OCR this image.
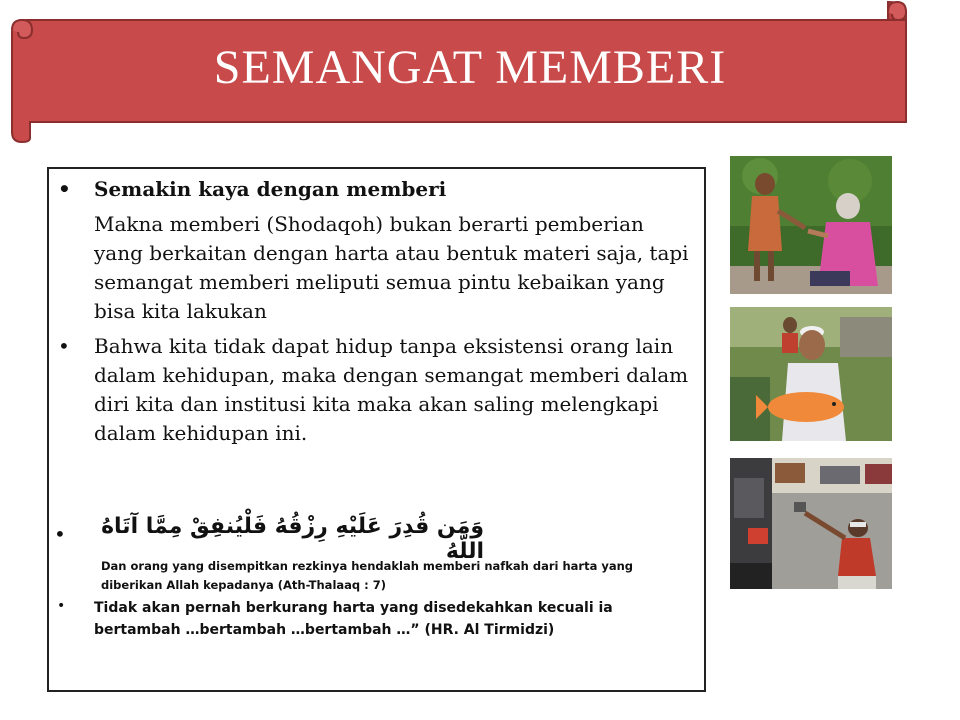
SEMANGAT MEMBERI
• Semakin kaya dengan memberi
Makna memberi (Shodaqoh) bukan berarti pemberian yang berkaitan dengan harta atau bentuk materi saja, tapi semangat memberi meliputi semua pintu kebaikan yang bisa kita lakukan
• Bahwa kita tidak dapat hidup tanpa eksistensi orang lain dalam kehidupan, maka dengan semangat memberi dalam diri kita dan institusi kita maka akan saling melengkapi dalam kehidupan ini.
•	وَمَن قُدِرَ عَلَيْهِ رِزْقُهُ فَلْيُنفِقْ مِمَّا آتَاهُ اللَّهُ
Dan orang yang disempitkan rezkinya hendaklah memberi nafkah dari harta yang diberikan Allah kepadanya (Ath-Thalaaq : 7)
• Tidak akan pernah berkurang harta yang disedekahkan kecuali ia bertambah …bertambah …bertambah …” (HR. Al Tirmidzi)
